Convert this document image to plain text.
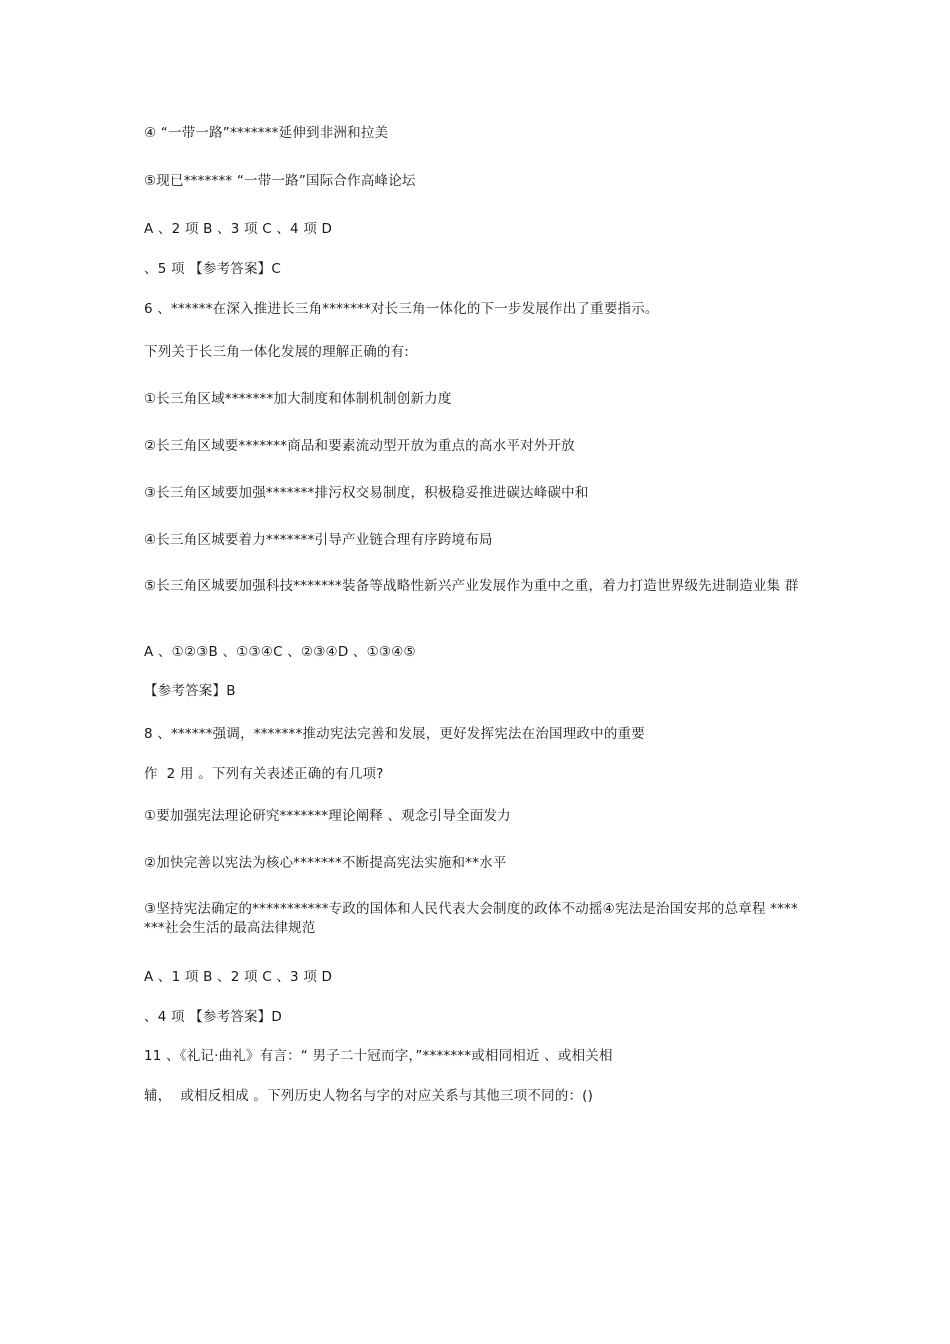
④ “一带一路”*******延伸到非洲和拉美
⑤现已******* “一带一路”国际合作高峰论坛
A 、2 项 B 、3 项 C 、4 项 D
、5 项 【参考答案】C
6 、******在深入推进长三角*******对长三角一体化的下一步发展作出了重要指示。
下列关于长三角一体化发展的理解正确的有:
①长三角区域*******加大制度和体制机制创新力度
②长三角区域要*******商品和要素流动型开放为重点的高水平对外开放
③长三角区域要加强*******排污权交易制度，积极稳妥推进碳达峰碳中和
④长三角区城要着力*******引导产业链合理有序跨境布局
⑤长三角区城要加强科技*******装备等战略性新兴产业发展作为重中之重，着力打造世界级先进制造业集 群
A 、①②③B 、①③④C 、②③④D 、①③④⑤
【参考答案】B
8 、******强调，*******推动宪法完善和发展，更好发挥宪法在治国理政中的重要
作  2 用 。下列有关表述正确的有几项?
①要加强宪法理论研究*******理论阐释 、观念引导全面发力
②加快完善以宪法为核心*******不断提高宪法实施和**水平
③坚持宪法确定的***********专政的国体和人民代表大会制度的政体不动摇④宪法是治国安邦的总章程 *******社会生活的最高法律规范
A 、1 项 B 、2 项 C 、3 项 D
、4 项 【参考答案】D
11 、《礼记·曲礼》有言：“ 男子二十冠而字，”*******或相同相近 、或相关相
辅，  或相反相成 。下列历史人物名与字的对应关系与其他三项不同的：()
